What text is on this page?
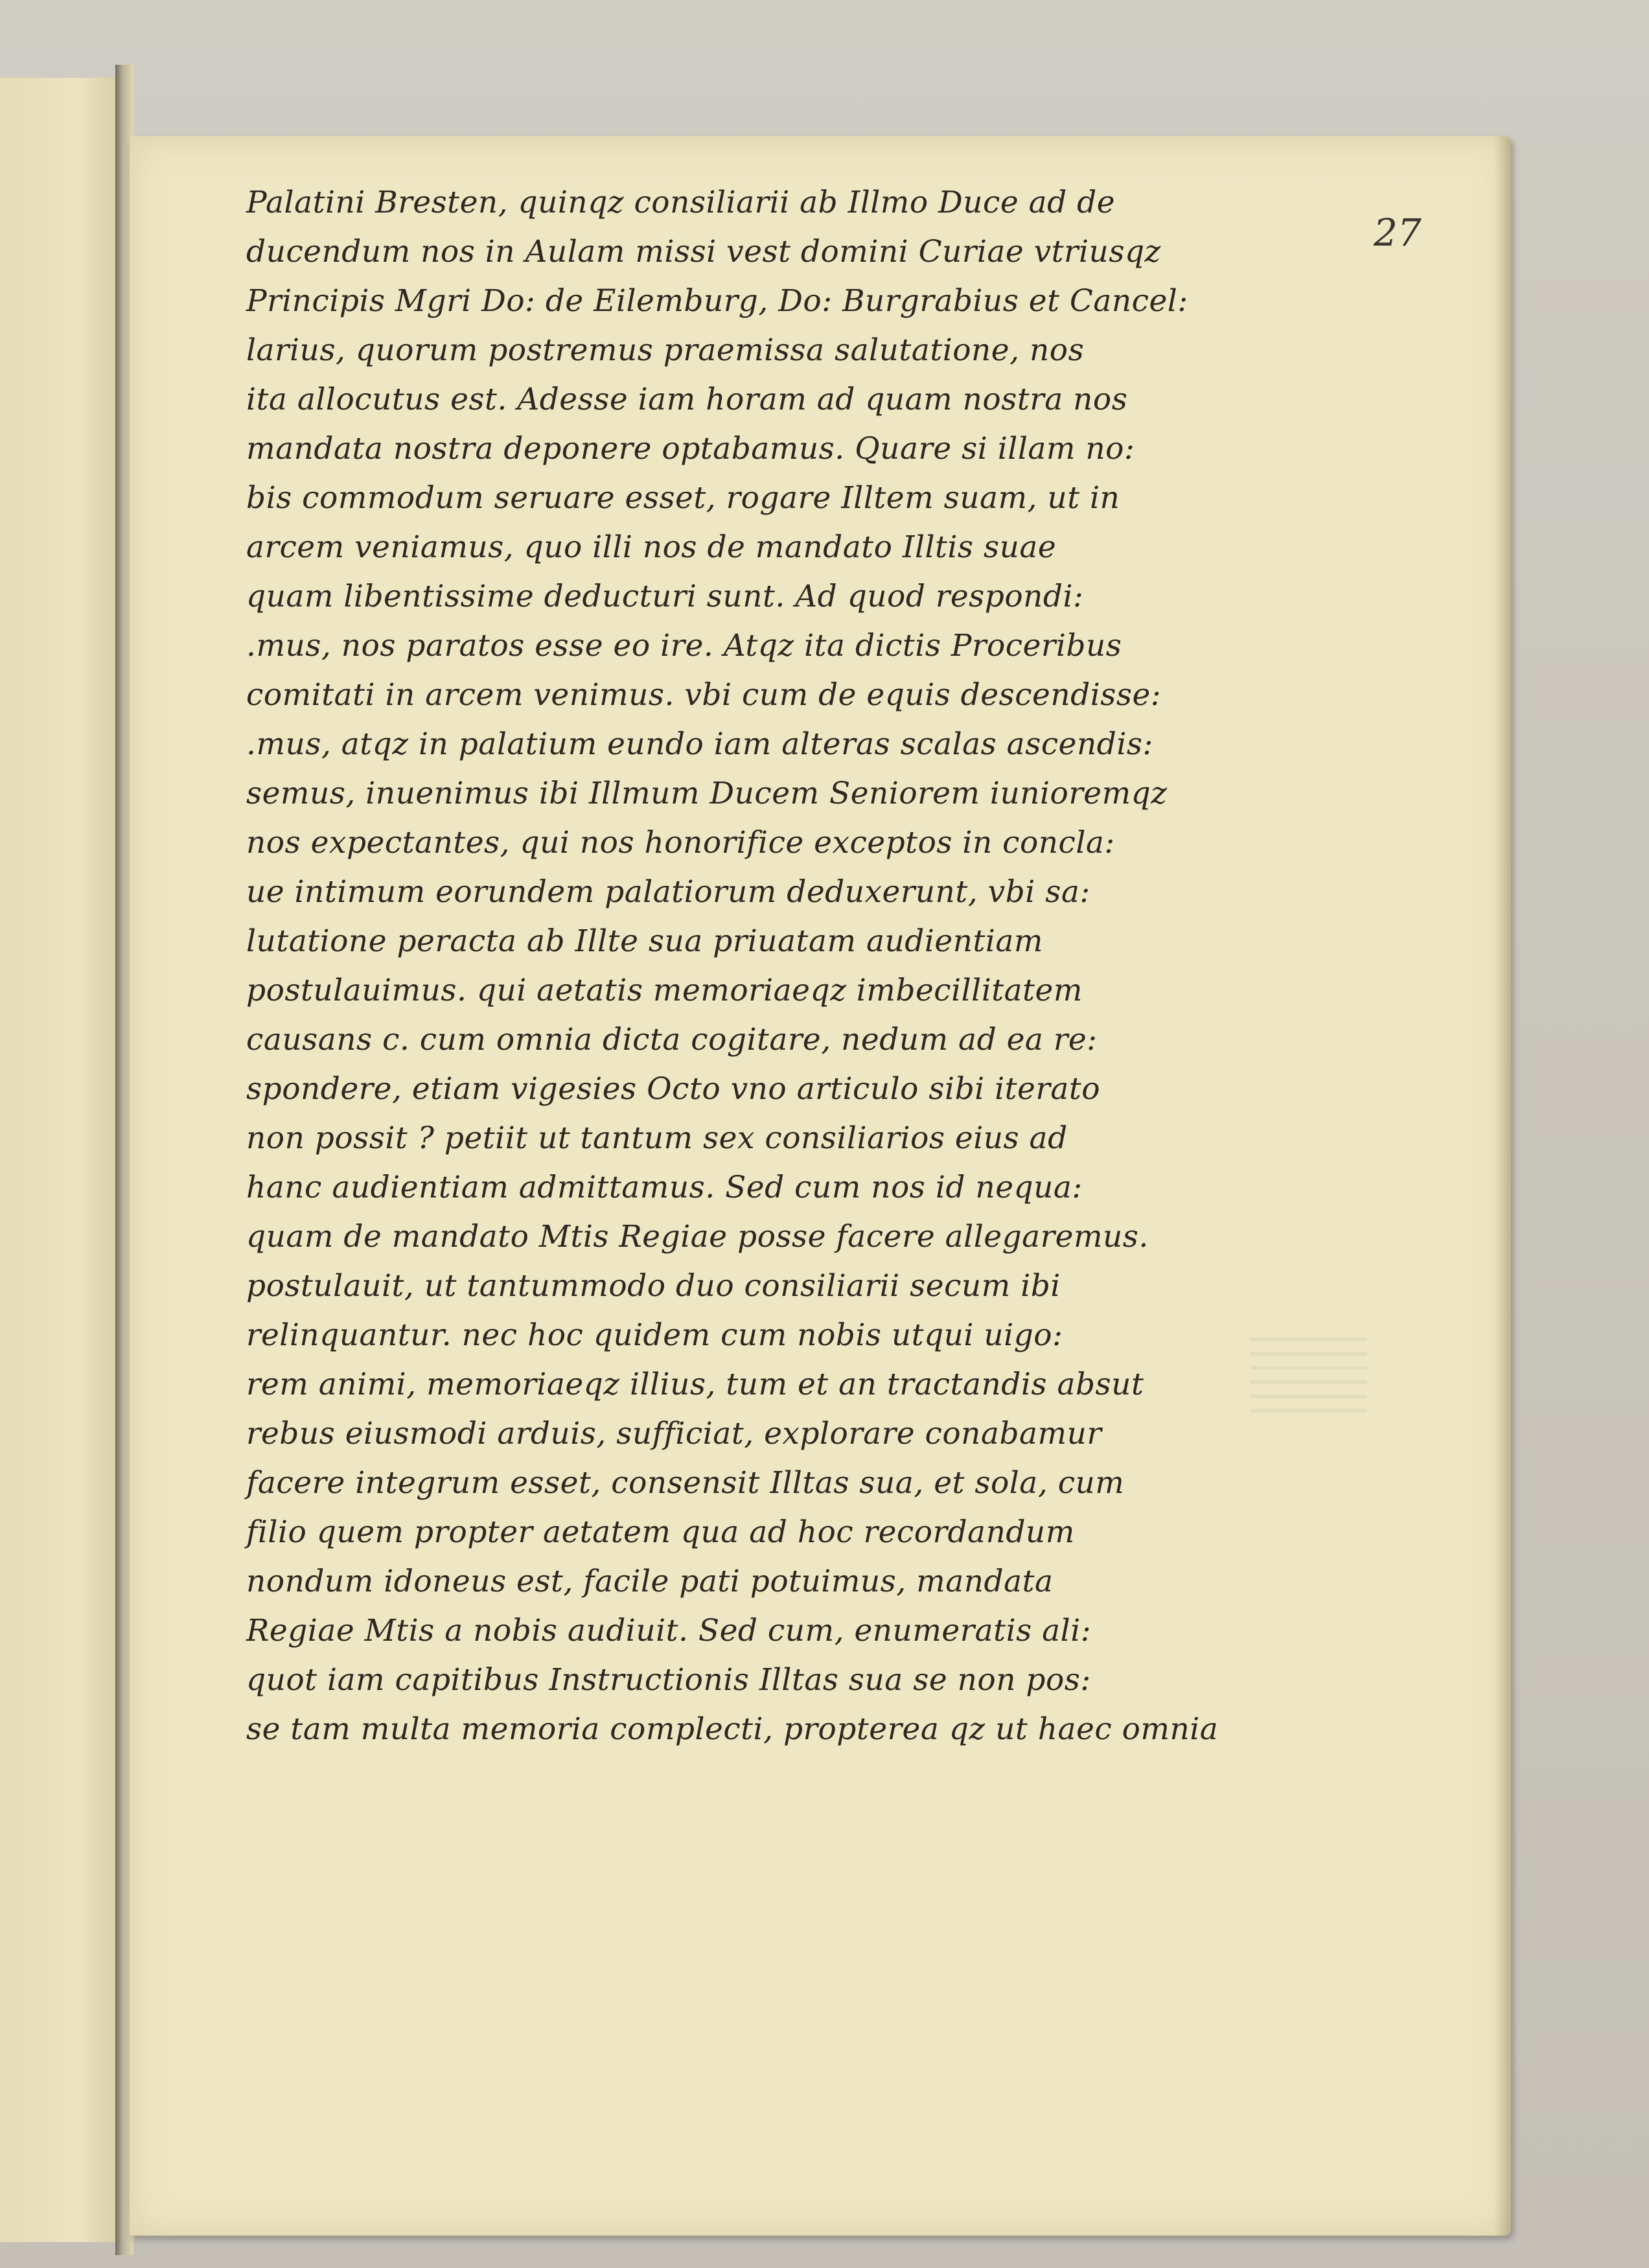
27
Palatini Bresten, quinqz consiliarii ab Illmo Duce ad de
ducendum nos in Aulam missi vest domini Curiae vtriusqz
Principis Mgri Do: de Eilemburg, Do: Burgrabius et Cancel:
larius, quorum postremus praemissa salutatione, nos
ita allocutus est. Adesse iam horam ad quam nostra nos
mandata nostra deponere optabamus. Quare si illam no:
bis commodum seruare esset, rogare Illtem suam, ut in
arcem veniamus, quo illi nos de mandato Illtis suae
quam libentissime deducturi sunt. Ad quod respondi:
.mus, nos paratos esse eo ire. Atqz ita dictis Proceribus
comitati in arcem venimus. vbi cum de equis descendisse:
.mus, atqz in palatium eundo iam alteras scalas ascendis:
semus, inuenimus ibi Illmum Ducem Seniorem iunioremqz
nos expectantes, qui nos honorifice exceptos in concla:
ue intimum eorundem palatiorum deduxerunt, vbi sa:
lutatione peracta ab Illte sua priuatam audientiam
postulauimus. qui aetatis memoriaeqz imbecillitatem
causans c. cum omnia dicta cogitare, nedum ad ea re:
spondere, etiam vigesies Octo vno articulo sibi iterato
non possit ? petiit ut tantum sex consiliarios eius ad
hanc audientiam admittamus. Sed cum nos id nequa:
quam de mandato Mtis Regiae posse facere allegaremus.
postulauit, ut tantummodo duo consiliarii secum ibi
relinquantur. nec hoc quidem cum nobis utqui uigo:
rem animi, memoriaeqz illius, tum et an tractandis absut
rebus eiusmodi arduis, sufficiat, explorare conabamur
facere integrum esset, consensit Illtas sua, et sola, cum
filio quem propter aetatem qua ad hoc recordandum
nondum idoneus est, facile pati potuimus, mandata
Regiae Mtis a nobis audiuit. Sed cum, enumeratis ali:
quot iam capitibus Instructionis Illtas sua se non pos:
se tam multa memoria complecti, propterea qz ut haec omnia
